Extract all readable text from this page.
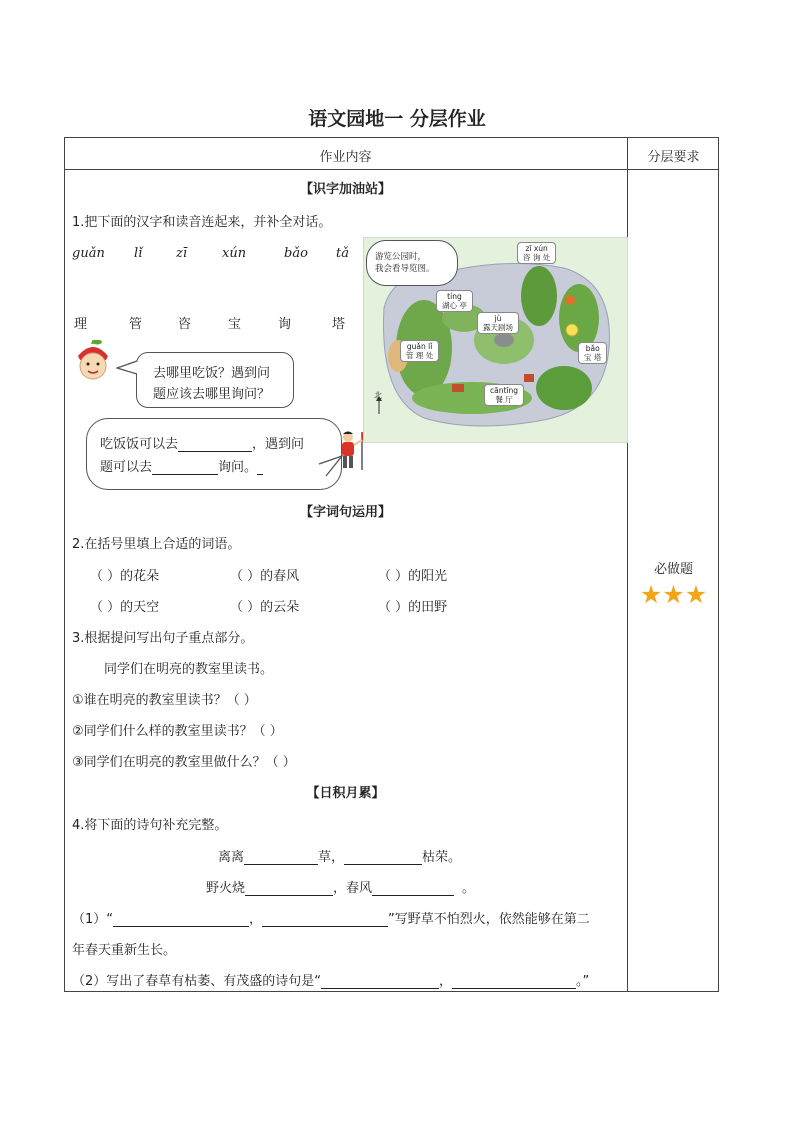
语文园地一 分层作业
作业内容	分层要求
【识字加油站】
1.把下面的汉字和读音连起来，并补全对话。
guǎn lǐ	zī	xún	bǎo tǎ
理	管	咨	宝	询	塔
去哪里吃饭？遇到问
题应该去哪里询问？
吃饭饭可以去	，遇到问
题可以去	询问。
游览公园时，
我会看导览图。
zī xún
咨 询 处
tíng
湖心 亭
jù
露天剧场
guǎn lǐ
管 理 处
bǎo
宝 塔
cāntīng
餐 厅
北
【字词句运用】
2.在括号里填上合适的词语。
（ ）的花朵	（ ）的春风	（ ）的阳光
（ ）的天空	（ ）的云朵	（ ）的田野
3.根据提问写出句子重点部分。
同学们在明亮的教室里读书。
①谁在明亮的教室里读书？（ ）
②同学们什么样的教室里读书？（ ）
③同学们在明亮的教室里做什么？（ ）
【日积月累】
4.将下面的诗句补充完整。
离离	草，	枯荣。
野火烧	，春风	。
（1）“	，	”写野草不怕烈火，依然能够在第二
年春天重新生长。
（2）写出了春草有枯萎、有茂盛的诗句是“	，	。”
必做题
★★★
